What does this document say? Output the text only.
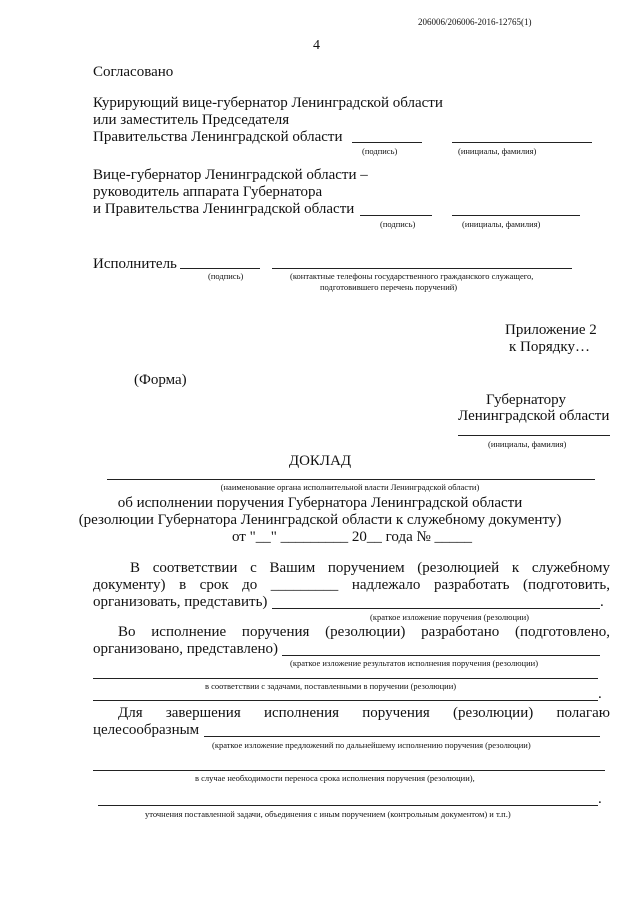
206006/206006-2016-12765(1)
4
Согласовано
Курирующий вице-губернатор Ленинградской области
или заместитель Председателя
Правительства Ленинградской области
(подпись)	(инициалы, фамилия)
Вице-губернатор Ленинградской области –
руководитель аппарата Губернатора
и Правительства Ленинградской области
(подпись)	(инициалы, фамилия)
Исполнитель
(подпись)	(контактные телефоны государственного гражданского служащего,
подготовившего перечень поручений)
Приложение 2
к Порядку…
(Форма)
Губернатору
Ленинградской области
(инициалы, фамилия)
ДОКЛАД
(наименование органа исполнительной власти Ленинградской области)
об исполнении поручения Губернатора Ленинградской области
(резолюции Губернатора Ленинградской области к служебному документу)
от "__" _________ 20__ года № _____
В соответствии с Вашим поручением (резолюцией к служебному
документу) в срок до _________ надлежало разработать (подготовить,
организовать, представить)	.
(краткое изложение поручения (резолюции)
Во исполнение поручения (резолюции) разработано (подготовлено,
организовано, представлено)
(краткое изложение результатов исполнения поручения (резолюции)
в соответствии с задачами, поставленными в поручении (резолюции)	.
Для завершения исполнения поручения (резолюции) полагаю
целесообразным
(краткое изложение предложений по дальнейшему исполнению поручения (резолюции)
в случае необходимости переноса срока исполнения поручения (резолюции),
.
уточнения поставленной задачи, объединения с иным поручением (контрольным документом) и т.п.)
